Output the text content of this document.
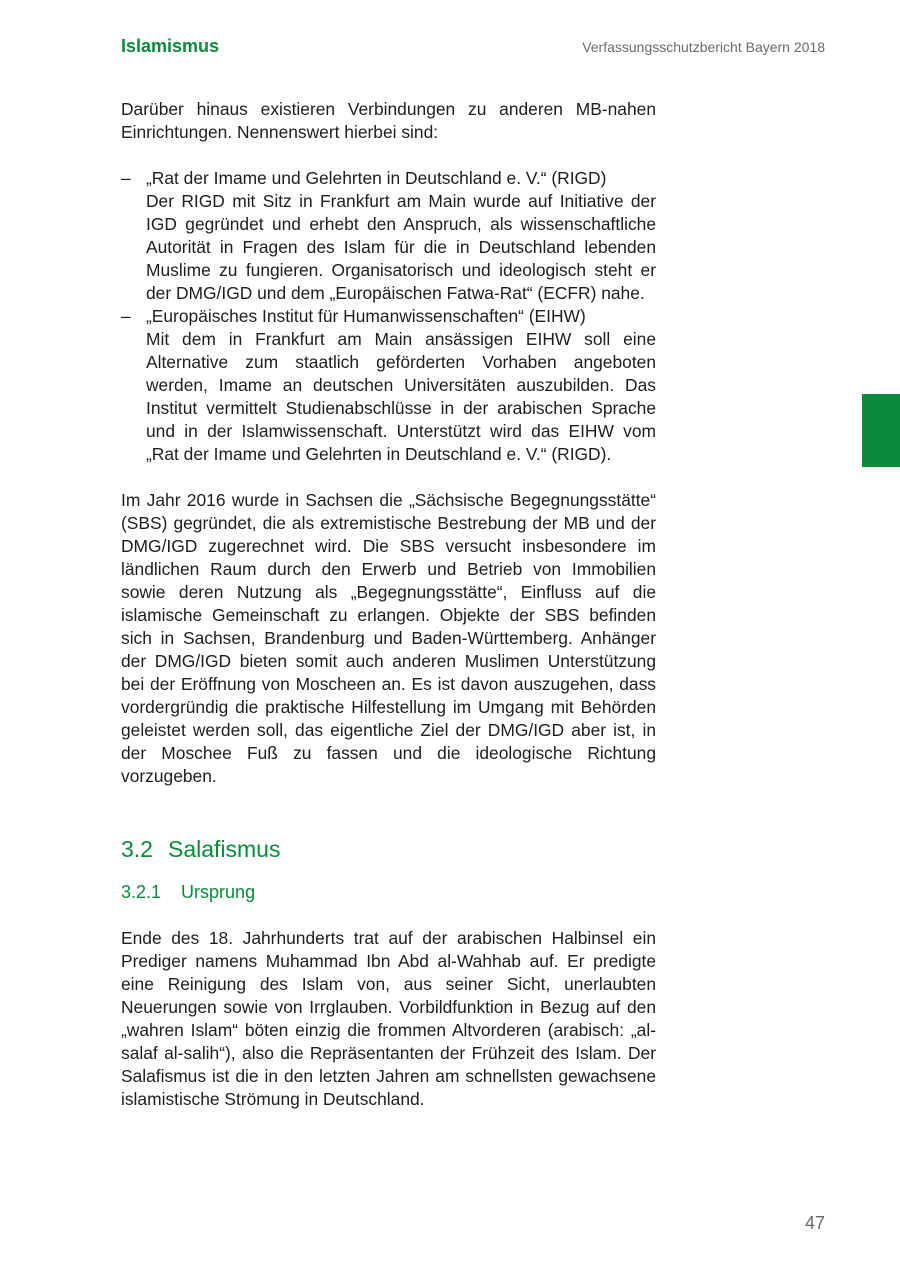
Islamismus	Verfassungsschutzbericht Bayern 2018

Darüber hinaus existieren Verbindungen zu anderen MB-nahen Einrichtungen. Nennenswert hierbei sind:

– „Rat der Imame und Gelehrten in Deutschland e. V.“ (RIGD)
Der RIGD mit Sitz in Frankfurt am Main wurde auf Initiative der IGD gegründet und erhebt den Anspruch, als wissenschaftliche Autorität in Fragen des Islam für die in Deutschland lebenden Muslime zu fungieren. Organisatorisch und ideologisch steht er der DMG/IGD und dem „Europäischen Fatwa-Rat“ (ECFR) nahe.
– „Europäisches Institut für Humanwissenschaften“ (EIHW)
Mit dem in Frankfurt am Main ansässigen EIHW soll eine Alternative zum staatlich geförderten Vorhaben angeboten werden, Imame an deutschen Universitäten auszubilden. Das Institut vermittelt Studienabschlüsse in der arabischen Sprache und in der Islamwissenschaft. Unterstützt wird das EIHW vom „Rat der Imame und Gelehrten in Deutschland e. V.“ (RIGD).

Im Jahr 2016 wurde in Sachsen die „Sächsische Begegnungsstätte“ (SBS) gegründet, die als extremistische Bestrebung der MB und der DMG/IGD zugerechnet wird. Die SBS versucht insbesondere im ländlichen Raum durch den Erwerb und Betrieb von Immobilien sowie deren Nutzung als „Begegnungsstätte“, Einfluss auf die islamische Gemeinschaft zu erlangen. Objekte der SBS befinden sich in Sachsen, Brandenburg und Baden-Württemberg. Anhänger der DMG/IGD bieten somit auch anderen Muslimen Unterstützung bei der Eröffnung von Moscheen an. Es ist davon auszugehen, dass vordergründig die praktische Hilfestellung im Umgang mit Behörden geleistet werden soll, das eigentliche Ziel der DMG/IGD aber ist, in der Moschee Fuß zu fassen und die ideologische Richtung vorzugeben.

3.2 Salafismus
3.2.1 Ursprung

Ende des 18. Jahrhunderts trat auf der arabischen Halbinsel ein Prediger namens Muhammad Ibn Abd al-Wahhab auf. Er predigte eine Reinigung des Islam von, aus seiner Sicht, unerlaubten Neuerungen sowie von Irrglauben. Vorbildfunktion in Bezug auf den „wahren Islam“ böten einzig die frommen Altvorderen (arabisch: „al-salaf al-salih“), also die Repräsentanten der Frühzeit des Islam. Der Salafismus ist die in den letzten Jahren am schnellsten gewachsene islamistische Strömung in Deutschland.

47
